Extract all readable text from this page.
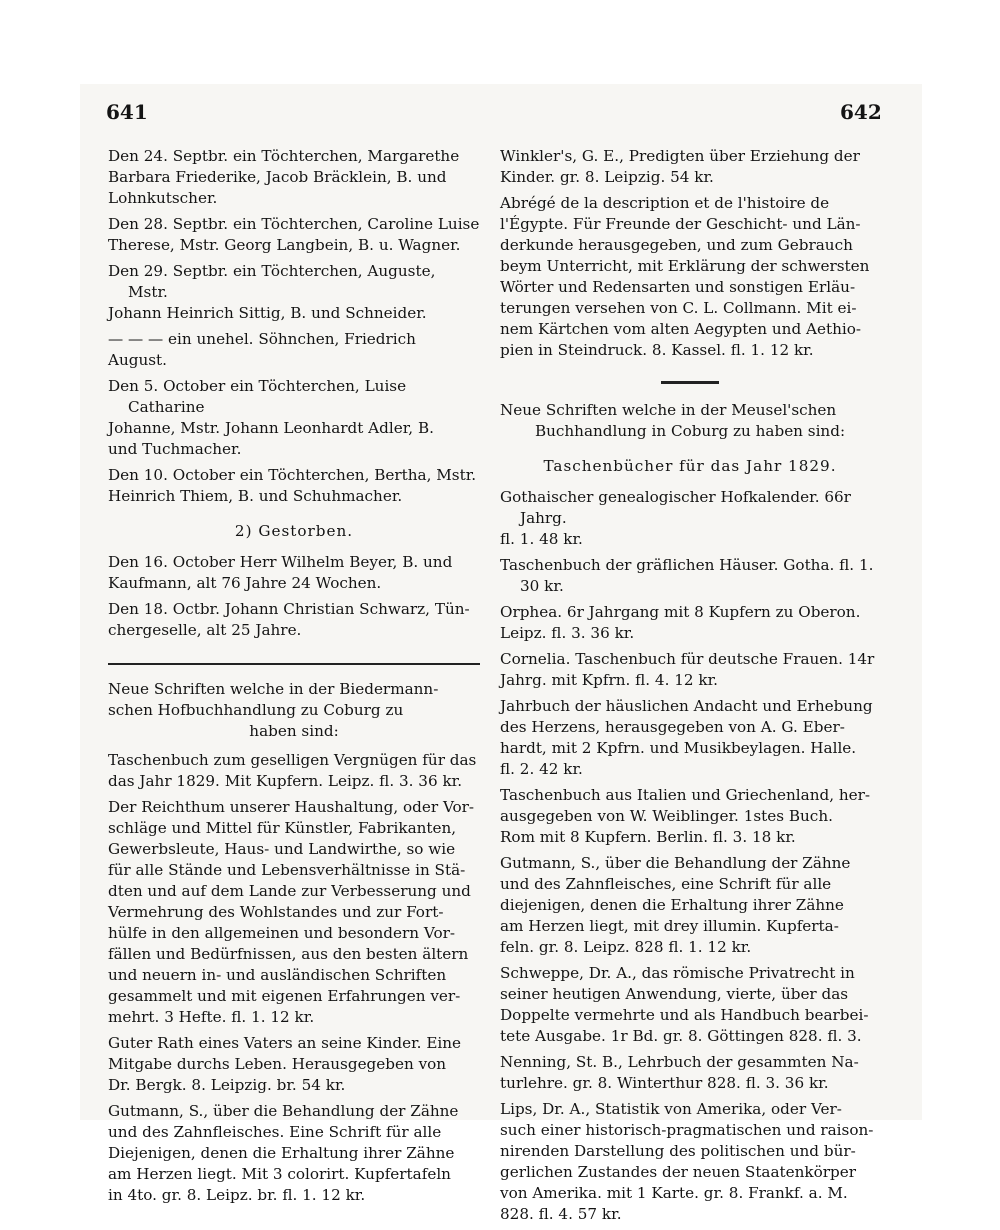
641	642
Den 24. Septbr. ein Töchterchen, Margarethe
Barbara Friederike, Jacob Bräcklein, B. und
Lohnkutscher.
Den 28. Septbr. ein Töchterchen, Caroline Luise
Therese, Mstr. Georg Langbein, B. u. Wagner.
Den 29. Septbr. ein Töchterchen, Auguste, Mstr.
Johann Heinrich Sittig, B. und Schneider.
— — — ein unehel. Söhnchen, Friedrich
August.
Den 5. October ein Töchterchen, Luise Catharine
Johanne, Mstr. Johann Leonhardt Adler, B.
und Tuchmacher.
Den 10. October ein Töchterchen, Bertha, Mstr.
Heinrich Thiem, B. und Schuhmacher.
2) Gestorben.
Den 16. October Herr Wilhelm Beyer, B. und
Kaufmann, alt 76 Jahre 24 Wochen.
Den 18. Octbr. Johann Christian Schwarz, Tün-
chergeselle, alt 25 Jahre.
Neue Schriften welche in der Biedermann-
schen Hofbuchhandlung zu Coburg zu
haben sind:
Taschenbuch zum geselligen Vergnügen für das
das Jahr 1829. Mit Kupfern. Leipz. fl. 3. 36 kr.
Der Reichthum unserer Haushaltung, oder Vor-
schläge und Mittel für Künstler, Fabrikanten,
Gewerbsleute, Haus- und Landwirthe, so wie
für alle Stände und Lebensverhältnisse in Stä-
dten und auf dem Lande zur Verbesserung und
Vermehrung des Wohlstandes und zur Fort-
hülfe in den allgemeinen und besondern Vor-
fällen und Bedürfnissen, aus den besten ältern
und neuern in- und ausländischen Schriften
gesammelt und mit eigenen Erfahrungen ver-
mehrt. 3 Hefte. fl. 1. 12 kr.
Guter Rath eines Vaters an seine Kinder. Eine
Mitgabe durchs Leben. Herausgegeben von
Dr. Bergk. 8. Leipzig. br. 54 kr.
Gutmann, S., über die Behandlung der Zähne
und des Zahnfleisches. Eine Schrift für alle
Diejenigen, denen die Erhaltung ihrer Zähne
am Herzen liegt. Mit 3 colorirt. Kupfertafeln
in 4to. gr. 8. Leipz. br. fl. 1. 12 kr.
Winkler's, G. E., Predigten über Erziehung der
Kinder. gr. 8. Leipzig. 54 kr.
Abrégé de la description et de l'histoire de
l'Égypte. Für Freunde der Geschicht- und Län-
derkunde herausgegeben, und zum Gebrauch
beym Unterricht, mit Erklärung der schwersten
Wörter und Redensarten und sonstigen Erläu-
terungen versehen von C. L. Collmann. Mit ei-
nem Kärtchen vom alten Aegypten und Aethio-
pien in Steindruck. 8. Kassel. fl. 1. 12 kr.
Neue Schriften welche in der Meusel'schen
Buchhandlung in Coburg zu haben sind:
Taschenbücher für das Jahr 1829.
Gothaischer genealogischer Hofkalender. 66r Jahrg.
fl. 1. 48 kr.
Taschenbuch der gräflichen Häuser. Gotha. fl. 1. 30 kr.
Orphea. 6r Jahrgang mit 8 Kupfern zu Oberon.
Leipz. fl. 3. 36 kr.
Cornelia. Taschenbuch für deutsche Frauen. 14r
Jahrg. mit Kpfrn. fl. 4. 12 kr.
Jahrbuch der häuslichen Andacht und Erhebung
des Herzens, herausgegeben von A. G. Eber-
hardt, mit 2 Kpfrn. und Musikbeylagen. Halle.
fl. 2. 42 kr.
Taschenbuch aus Italien und Griechenland, her-
ausgegeben von W. Weiblinger. 1stes Buch.
Rom mit 8 Kupfern. Berlin. fl. 3. 18 kr.
Gutmann, S., über die Behandlung der Zähne
und des Zahnfleisches, eine Schrift für alle
diejenigen, denen die Erhaltung ihrer Zähne
am Herzen liegt, mit drey illumin. Kupferta-
feln. gr. 8. Leipz. 828 fl. 1. 12 kr.
Schweppe, Dr. A., das römische Privatrecht in
seiner heutigen Anwendung, vierte, über das
Doppelte vermehrte und als Handbuch bearbei-
tete Ausgabe. 1r Bd. gr. 8. Göttingen 828. fl. 3.
Nenning, St. B., Lehrbuch der gesammten Na-
turlehre. gr. 8. Winterthur 828. fl. 3. 36 kr.
Lips, Dr. A., Statistik von Amerika, oder Ver-
such einer historisch-pragmatischen und raison-
nirenden Darstellung des politischen und bür-
gerlichen Zustandes der neuen Staatenkörper
von Amerika. mit 1 Karte. gr. 8. Frankf. a. M.
828. fl. 4. 57 kr.
